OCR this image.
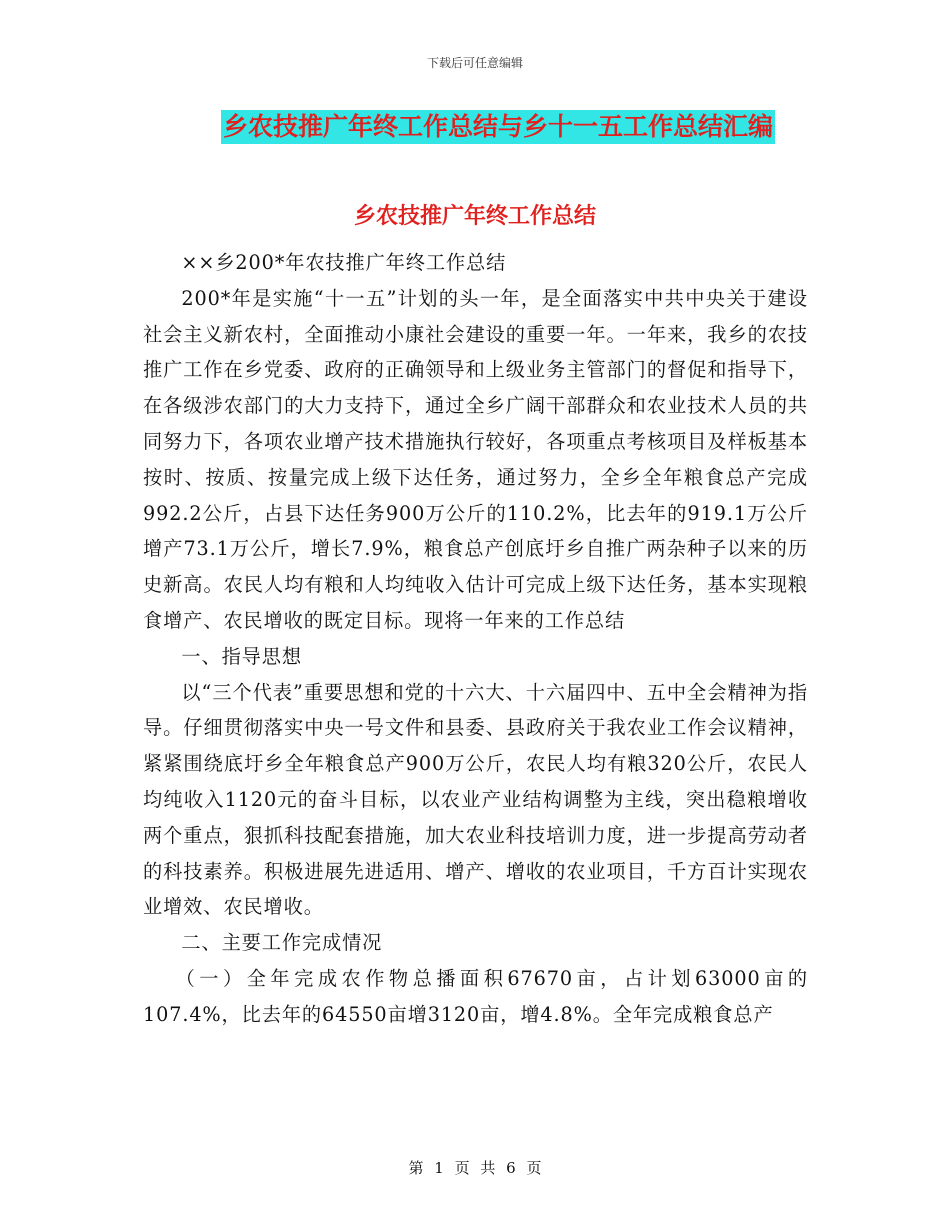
下载后可任意编辑
乡农技推广年终工作总结与乡十一五工作总结汇编
乡农技推广年终工作总结

××乡200*年农技推广年终工作总结

200*年是实施“十一五”计划的头一年，是全面落实中共中央关于建设社会主义新农村，全面推动小康社会建设的重要一年。一年来，我乡的农技推广工作在乡党委、政府的正确领导和上级业务主管部门的督促和指导下，在各级涉农部门的大力支持下，通过全乡广阔干部群众和农业技术人员的共同努力下，各项农业增产技术措施执行较好，各项重点考核项目及样板基本按时、按质、按量完成上级下达任务，通过努力，全乡全年粮食总产完成992.2公斤，占县下达任务900万公斤的110.2%，比去年的919.1万公斤增产73.1万公斤，增长7.9%，粮食总产创底圩乡自推广两杂种子以来的历史新高。农民人均有粮和人均纯收入估计可完成上级下达任务，基本实现粮食增产、农民增收的既定目标。现将一年来的工作总结

一、指导思想

以“三个代表”重要思想和党的十六大、十六届四中、五中全会精神为指导。仔细贯彻落实中央一号文件和县委、县政府关于我农业工作会议精神，紧紧围绕底圩乡全年粮食总产900万公斤，农民人均有粮320公斤，农民人均纯收入1120元的奋斗目标，以农业产业结构调整为主线，突出稳粮增收两个重点，狠抓科技配套措施，加大农业科技培训力度，进一步提高劳动者的科技素养。积极进展先进适用、增产、增收的农业项目，千方百计实现农业增效、农民增收。

二、主要工作完成情况

（一）全年完成农作物总播面积67670亩，占计划63000亩的107.4%，比去年的64550亩增3120亩，增4.8%。全年完成粮食总产

第 1 页 共 6 页
